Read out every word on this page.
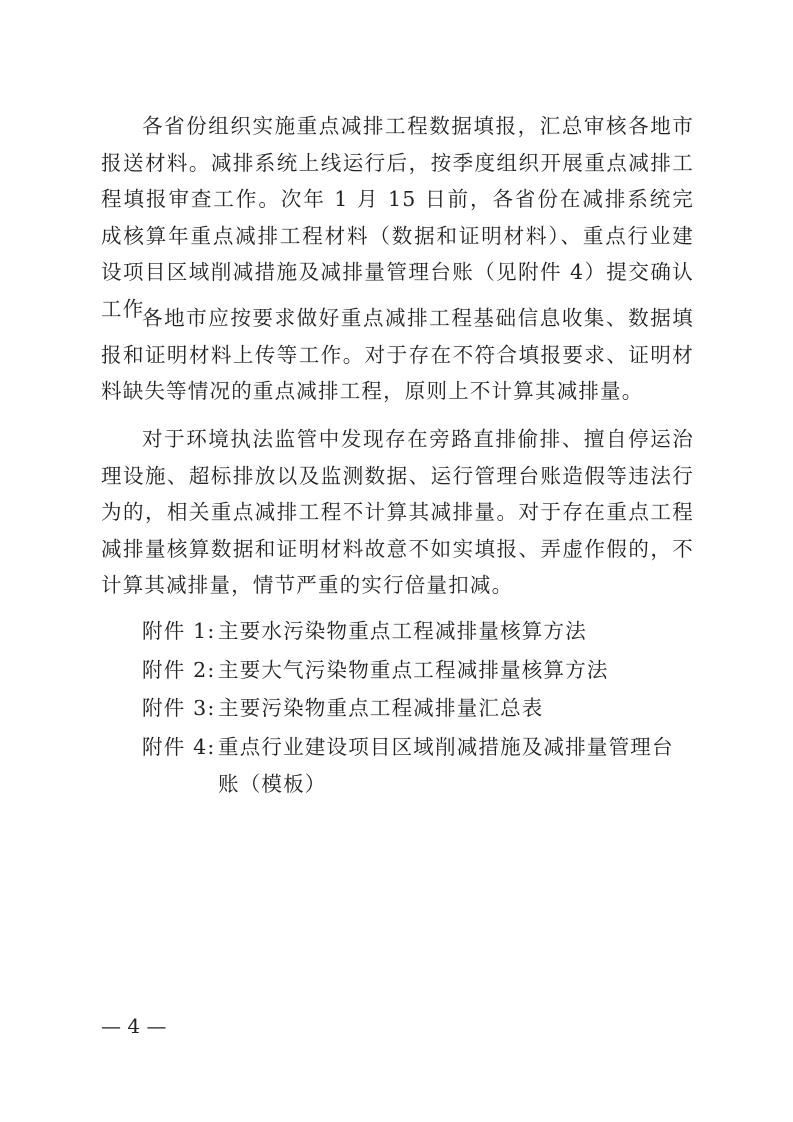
各省份组织实施重点减排工程数据填报，汇总审核各地市报送材料。减排系统上线运行后，按季度组织开展重点减排工程填报审查工作。次年 1 月 15 日前，各省份在减排系统完成核算年重点减排工程材料（数据和证明材料）、重点行业建设项目区域削减措施及减排量管理台账（见附件 4）提交确认工作。

各地市应按要求做好重点减排工程基础信息收集、数据填报和证明材料上传等工作。对于存在不符合填报要求、证明材料缺失等情况的重点减排工程，原则上不计算其减排量。

对于环境执法监管中发现存在旁路直排偷排、擅自停运治理设施、超标排放以及监测数据、运行管理台账造假等违法行为的，相关重点减排工程不计算其减排量。对于存在重点工程减排量核算数据和证明材料故意不如实填报、弄虚作假的，不计算其减排量，情节严重的实行倍量扣减。

附件 1: 主要水污染物重点工程减排量核算方法
附件 2: 主要大气污染物重点工程减排量核算方法
附件 3: 主要污染物重点工程减排量汇总表
附件 4: 重点行业建设项目区域削减措施及减排量管理台账（模板）
— 4 —
